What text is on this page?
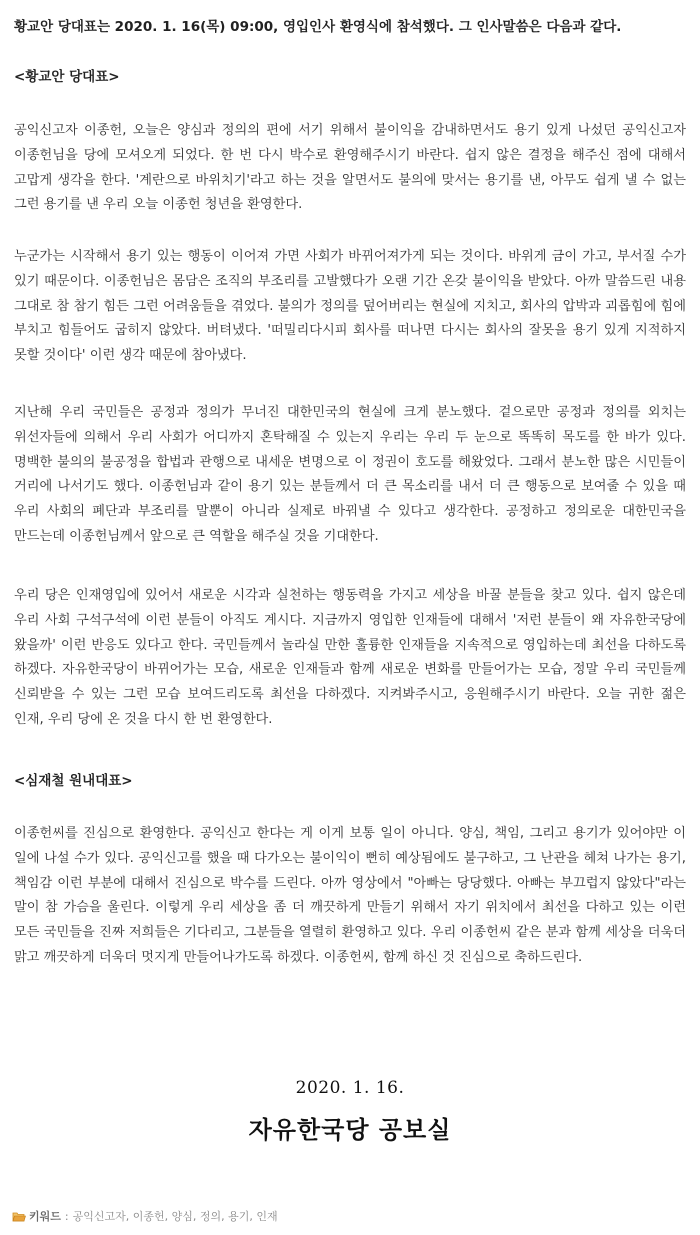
황교안 당대표는 2020. 1. 16(목) 09:00, 영입인사 환영식에 참석했다. 그 인사말씀은 다음과 같다.
<황교안 당대표>

공익신고자 이종헌, 오늘은 양심과 정의의 편에 서기 위해서 불이익을 감내하면서도 용기 있게 나섰던 공익신고자 이종헌님을 당에 모셔오게 되었다. 한 번 다시 박수로 환영해주시기 바란다. 쉽지 않은 결정을 해주신 점에 대해서 고맙게 생각을 한다. '계란으로 바위치기'라고 하는 것을 알면서도 불의에 맞서는 용기를 낸, 아무도 쉽게 낼 수 없는 그런 용기를 낸 우리 오늘 이종헌 청년을 환영한다.

누군가는 시작해서 용기 있는 행동이 이어져 가면 사회가 바뀌어져가게 되는 것이다. 바위게 금이 가고, 부서질 수가 있기 때문이다. 이종헌님은 몸담은 조직의 부조리를 고발했다가 오랜 기간 온갖 불이익을 받았다. 아까 말씀드린 내용 그대로 참 참기 힘든 그런 어려움들을 겪었다. 불의가 정의를 덮어버리는 현실에 지치고, 회사의 압박과 괴롭힘에 힘에 부치고 힘들어도 굽히지 않았다. 버텨냈다. '떠밀리다시피 회사를 떠나면 다시는 회사의 잘못을 용기 있게 지적하지 못할 것이다' 이런 생각 때문에 참아냈다.

지난해 우리 국민들은 공정과 정의가 무너진 대한민국의 현실에 크게 분노했다. 겉으로만 공정과 정의를 외치는 위선자들에 의해서 우리 사회가 어디까지 혼탁해질 수 있는지 우리는 우리 두 눈으로 똑똑히 목도를 한 바가 있다. 명백한 불의의 불공정을 합법과 관행으로 내세운 변명으로 이 정권이 호도를 해왔었다. 그래서 분노한 많은 시민들이 거리에 나서기도 했다. 이종헌님과 같이 용기 있는 분들께서 더 큰 목소리를 내서 더 큰 행동으로 보여줄 수 있을 때 우리 사회의 폐단과 부조리를 말뿐이 아니라 실제로 바꿔낼 수 있다고 생각한다. 공정하고 정의로운 대한민국을 만드는데 이종헌님께서 앞으로 큰 역할을 해주실 것을 기대한다.

우리 당은 인재영입에 있어서 새로운 시각과 실천하는 행동력을 가지고 세상을 바꿀 분들을 찾고 있다. 쉽지 않은데 우리 사회 구석구석에 이런 분들이 아직도 계시다. 지금까지 영입한 인재들에 대해서 '저런 분들이 왜 자유한국당에 왔을까' 이런 반응도 있다고 한다. 국민들께서 놀라실 만한 훌륭한 인재들을 지속적으로 영입하는데 최선을 다하도록 하겠다. 자유한국당이 바뀌어가는 모습, 새로운 인재들과 함께 새로운 변화를 만들어가는 모습, 정말 우리 국민들께 신뢰받을 수 있는 그런 모습 보여드리도록 최선을 다하겠다. 지켜봐주시고, 응원해주시기 바란다. 오늘 귀한 젊은 인재, 우리 당에 온 것을 다시 한 번 환영한다.

<심재철 원내대표>

이종헌씨를 진심으로 환영한다. 공익신고 한다는 게 이게 보통 일이 아니다. 양심, 책임, 그리고 용기가 있어야만 이 일에 나설 수가 있다. 공익신고를 했을 때 다가오는 불이익이 뻔히 예상됨에도 불구하고, 그 난관을 헤쳐 나가는 용기, 책임감 이런 부분에 대해서 진심으로 박수를 드린다. 아까 영상에서 "아빠는 당당했다. 아빠는 부끄럽지 않았다"라는 말이 참 가슴을 울린다. 이렇게 우리 세상을 좀 더 깨끗하게 만들기 위해서 자기 위치에서 최선을 다하고 있는 이런 모든 국민들을 진짜 저희들은 기다리고, 그분들을 열렬히 환영하고 있다. 우리 이종헌씨 같은 분과 함께 세상을 더욱더 맑고 깨끗하게 더욱더 멋지게 만들어나가도록 하겠다. 이종헌씨, 함께 하신 것 진심으로 축하드린다.

2020. 1. 16.
자유한국당 공보실
키워드 : 공익신고자, 이종헌, 양심, 정의, 용기, 인재
